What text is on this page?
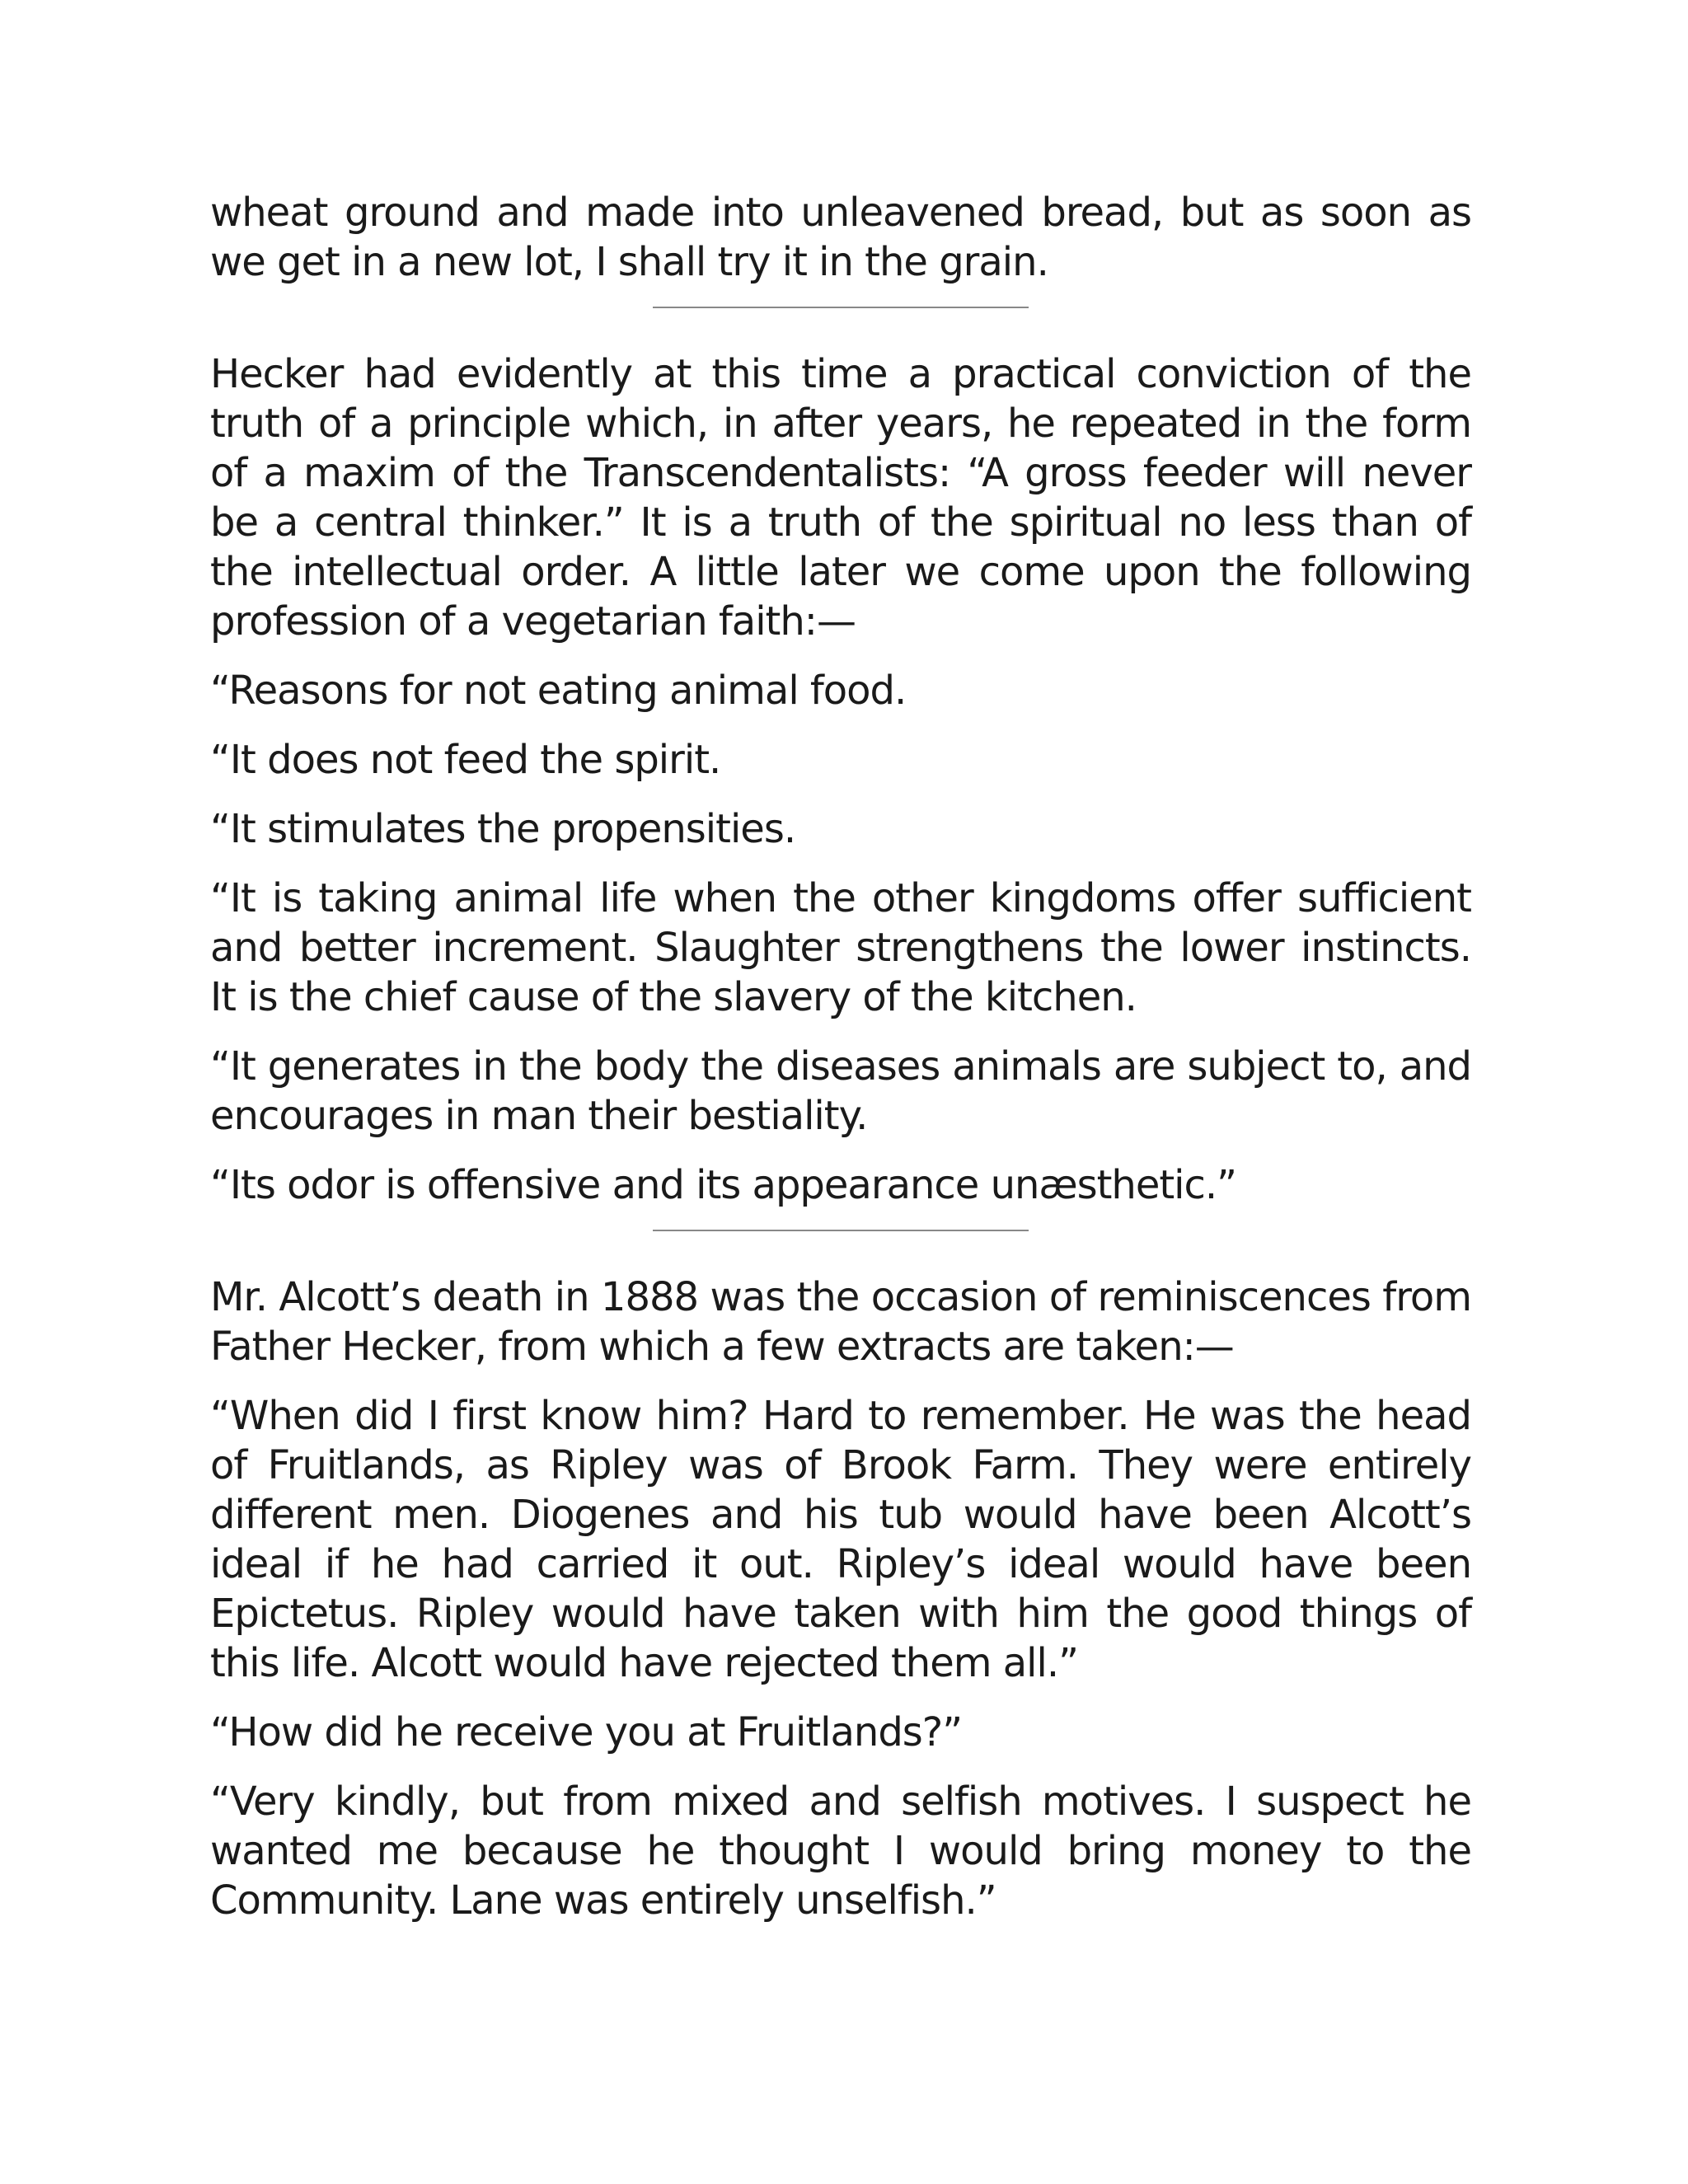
wheat ground and made into unleavened bread, but as soon as we get in a new lot, I shall try it in the grain.

Hecker had evidently at this time a practical conviction of the truth of a principle which, in after years, he repeated in the form of a maxim of the Transcendentalists: “A gross feeder will never be a central thinker.” It is a truth of the spiritual no less than of the intellectual order. A little later we come upon the following profession of a vegetarian faith:—

“Reasons for not eating animal food.

“It does not feed the spirit.

“It stimulates the propensities.

“It is taking animal life when the other kingdoms offer sufficient and better increment. Slaughter strengthens the lower instincts. It is the chief cause of the slavery of the kitchen.

“It generates in the body the diseases animals are subject to, and encourages in man their bestiality.

“Its odor is offensive and its appearance unæsthetic.”

Mr. Alcott’s death in 1888 was the occasion of reminiscences from Father Hecker, from which a few extracts are taken:—

“When did I first know him? Hard to remember. He was the head of Fruitlands, as Ripley was of Brook Farm. They were entirely different men. Diogenes and his tub would have been Alcott’s ideal if he had carried it out. Ripley’s ideal would have been Epictetus. Ripley would have taken with him the good things of this life. Alcott would have rejected them all.”

“How did he receive you at Fruitlands?”

“Very kindly, but from mixed and selfish motives. I suspect he wanted me because he thought I would bring money to the Community. Lane was entirely unselfish.”
